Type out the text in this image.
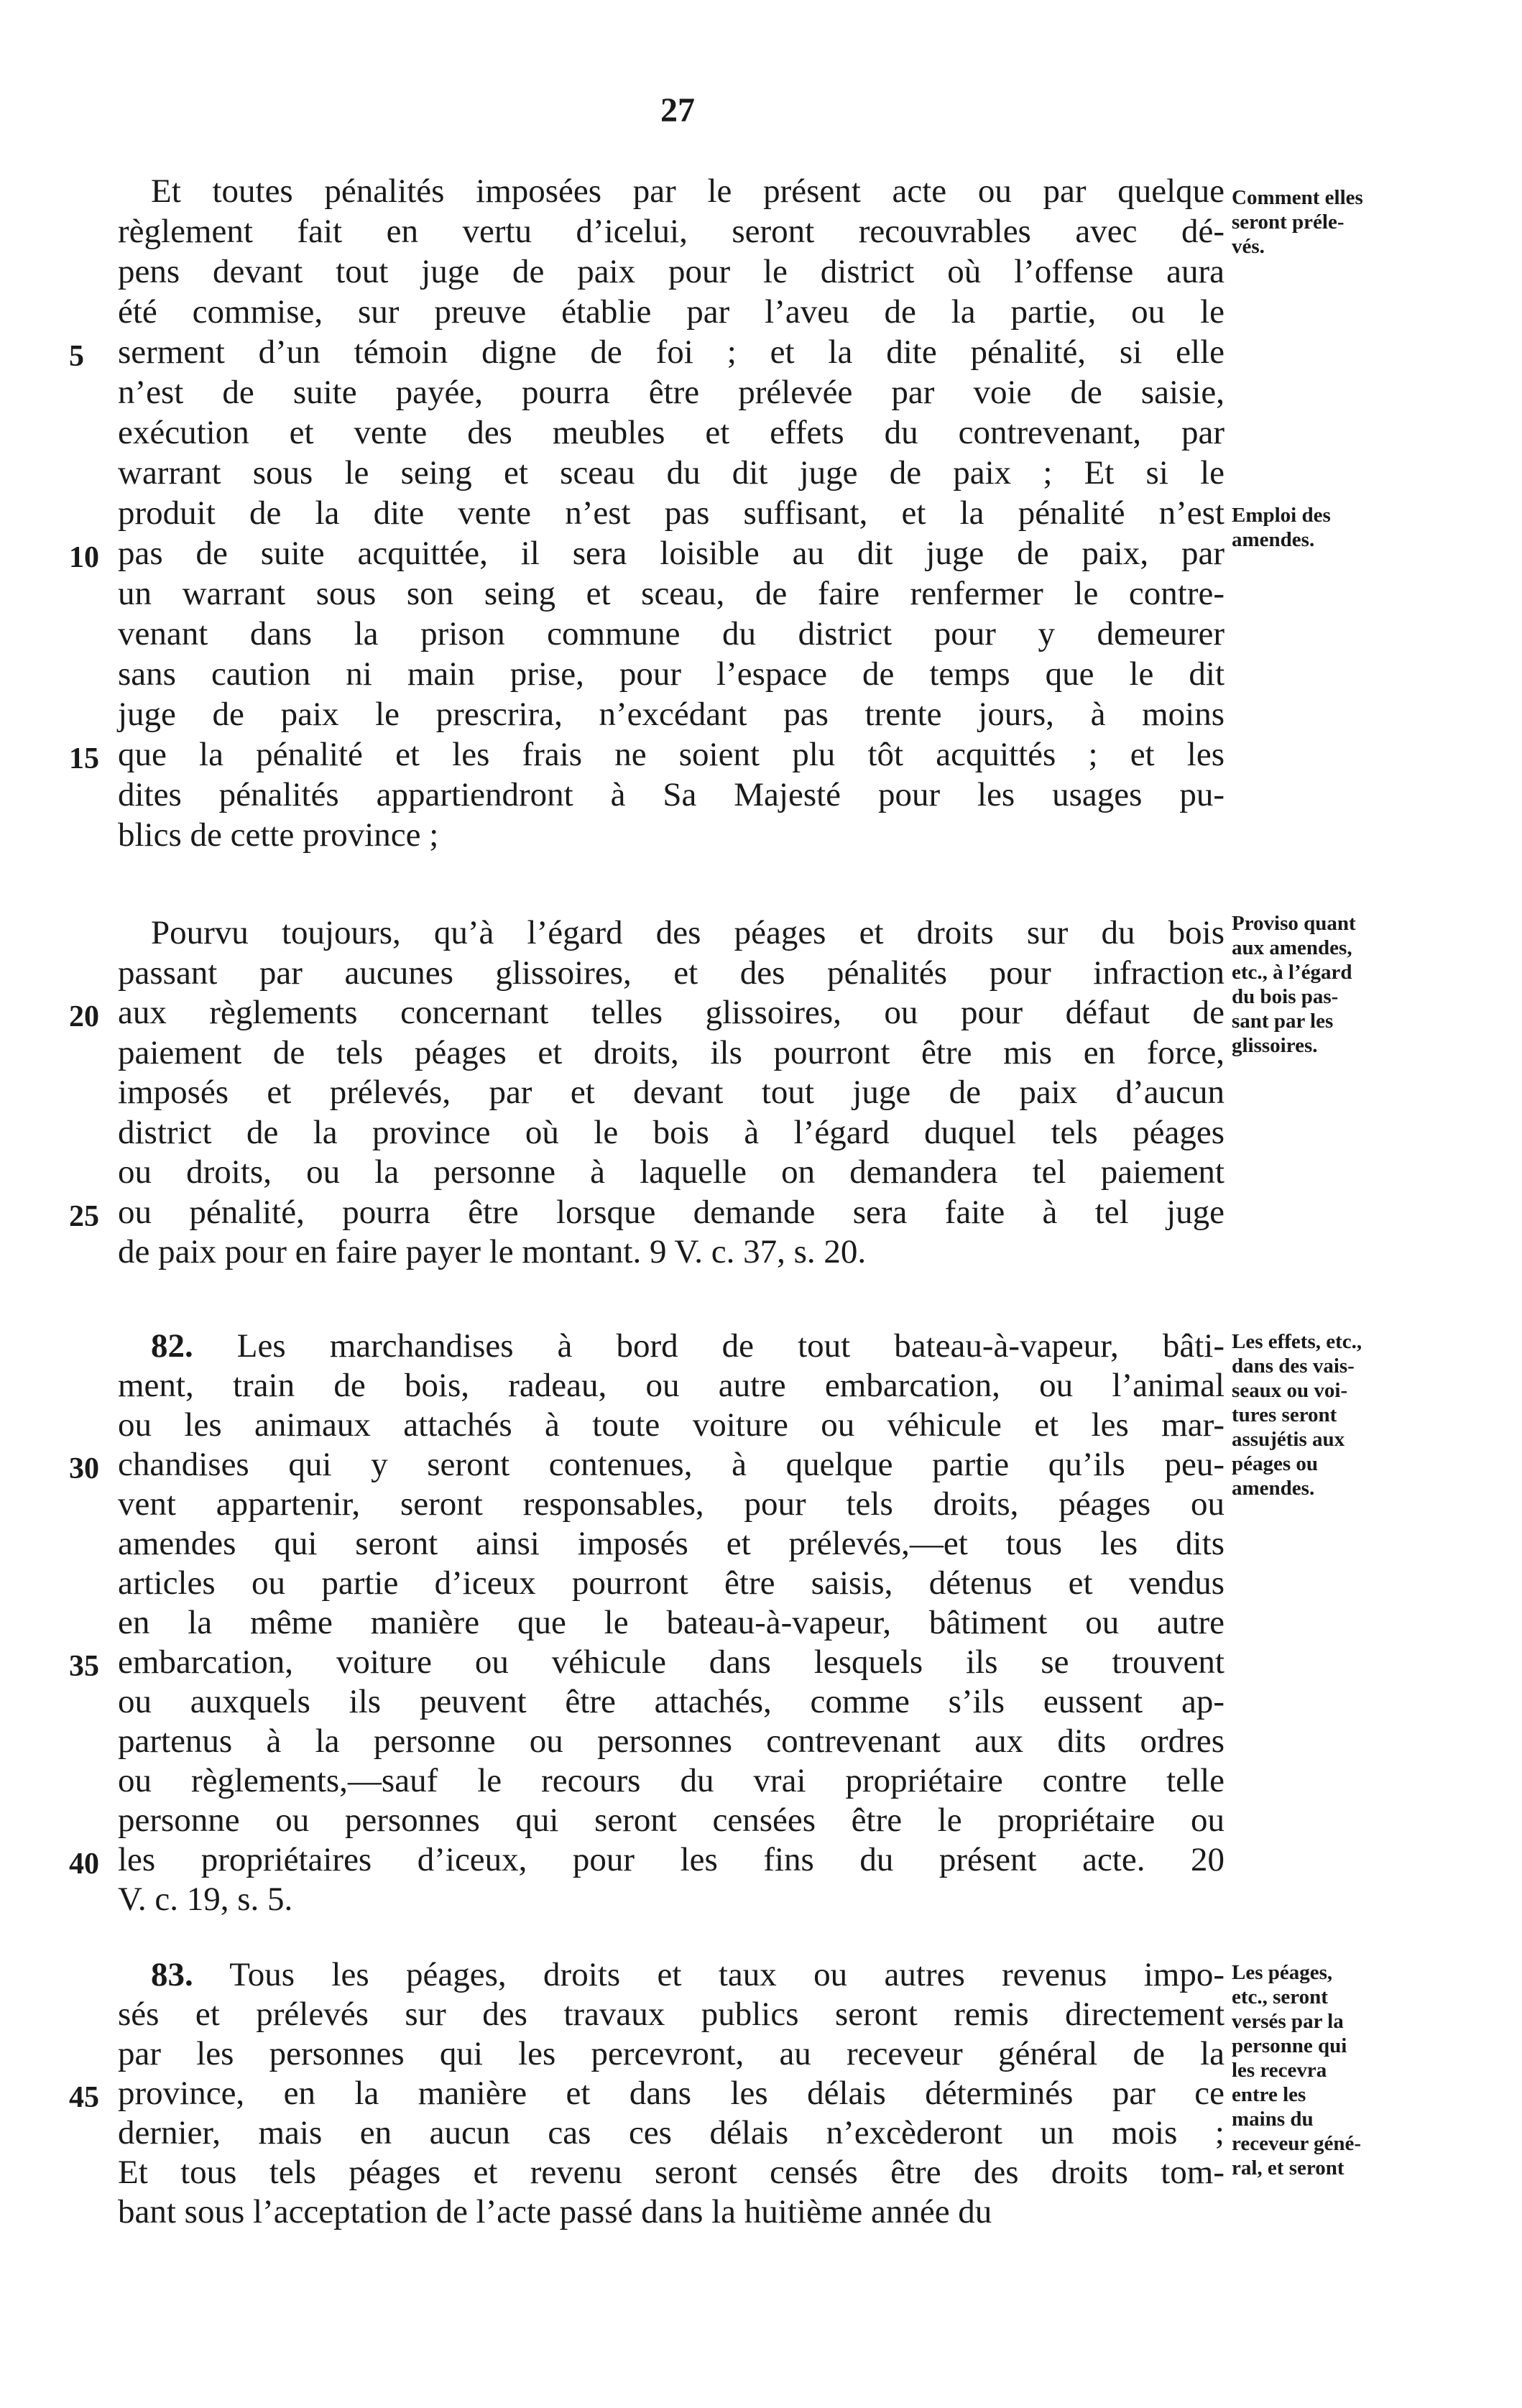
27
Et toutes pénalités imposées par le présent acte ou par quelque
règlement fait en vertu d’icelui, seront recouvrables avec dé-
pens devant tout juge de paix pour le district où l’offense aura
été commise, sur preuve établie par l’aveu de la partie, ou le
serment d’un témoin digne de foi ; et la dite pénalité, si elle
n’est de suite payée, pourra être prélevée par voie de saisie,
exécution et vente des meubles et effets du contrevenant, par
warrant sous le seing et sceau du dit juge de paix ; Et si le
produit de la dite vente n’est pas suffisant, et la pénalité n’est
pas de suite acquittée, il sera loisible au dit juge de paix, par
un warrant sous son seing et sceau, de faire renfermer le contre-
venant dans la prison commune du district pour y demeurer
sans caution ni main prise, pour l’espace de temps que le dit
juge de paix le prescrira, n’excédant pas trente jours, à moins
que la pénalité et les frais ne soient plu tôt acquittés ; et les
dites pénalités appartiendront à Sa Majesté pour les usages pu-
blics de cette province ;
Pourvu toujours, qu’à l’égard des péages et droits sur du bois
passant par aucunes glissoires, et des pénalités pour infraction
aux règlements concernant telles glissoires, ou pour défaut de
paiement de tels péages et droits, ils pourront être mis en force,
imposés et prélevés, par et devant tout juge de paix d’aucun
district de la province où le bois à l’égard duquel tels péages
ou droits, ou la personne à laquelle on demandera tel paiement
ou pénalité, pourra être lorsque demande sera faite à tel juge
de paix pour en faire payer le montant. 9 V. c. 37, s. 20.
82. Les marchandises à bord de tout bateau-à-vapeur, bâti-
ment, train de bois, radeau, ou autre embarcation, ou l’animal
ou les animaux attachés à toute voiture ou véhicule et les mar-
chandises qui y seront contenues, à quelque partie qu’ils peu-
vent appartenir, seront responsables, pour tels droits, péages ou
amendes qui seront ainsi imposés et prélevés,—et tous les dits
articles ou partie d’iceux pourront être saisis, détenus et vendus
en la même manière que le bateau-à-vapeur, bâtiment ou autre
embarcation, voiture ou véhicule dans lesquels ils se trouvent
ou auxquels ils peuvent être attachés, comme s’ils eussent ap-
partenus à la personne ou personnes contrevenant aux dits ordres
ou règlements,—sauf le recours du vrai propriétaire contre telle
personne ou personnes qui seront censées être le propriétaire ou
les propriétaires d’iceux, pour les fins du présent acte. 20
V. c. 19, s. 5.
83. Tous les péages, droits et taux ou autres revenus impo-
sés et prélevés sur des travaux publics seront remis directement
par les personnes qui les percevront, au receveur général de la
province, en la manière et dans les délais déterminés par ce
dernier, mais en aucun cas ces délais n’excèderont un mois ;
Et tous tels péages et revenu seront censés être des droits tom-
bant sous l’acceptation de l’acte passé dans la huitième année du
5
10
15
20
25
30
35
40
45
Comment elles
seront préle-
vés.
Emploi des
amendes.
Proviso quant
aux amendes,
etc., à l’égard
du bois pas-
sant par les
glissoires.
Les effets, etc.,
dans des vais-
seaux ou voi-
tures seront
assujétis aux
péages ou
amendes.
Les péages,
etc., seront
versés par la
personne qui
les recevra
entre les
mains du
receveur géné-
ral, et seront
